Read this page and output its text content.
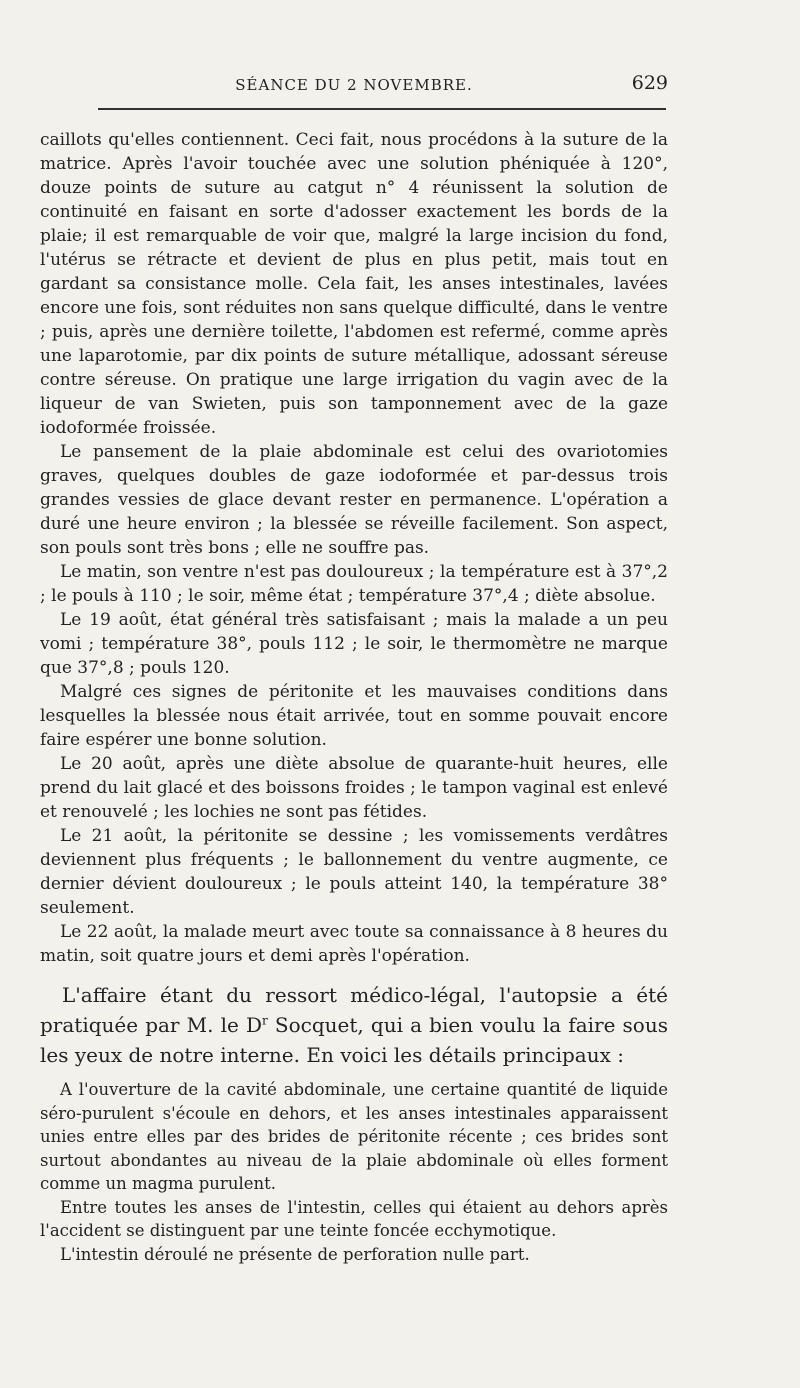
SÉANCE DU 2 NOVEMBRE.	629

caillots qu'elles contiennent. Ceci fait, nous procédons à la suture de la matrice. Après l'avoir touchée avec une solution phéniquée à 120°, douze points de suture au catgut n° 4 réunissent la solution de continuité en faisant en sorte d'adosser exactement les bords de la plaie; il est remarquable de voir que, malgré la large incision du fond, l'utérus se rétracte et devient de plus en plus petit, mais tout en gardant sa consistance molle. Cela fait, les anses intestinales, lavées encore une fois, sont réduites non sans quelque difficulté, dans le ventre ; puis, après une dernière toilette, l'abdomen est refermé, comme après une laparotomie, par dix points de suture métallique, adossant séreuse contre séreuse. On pratique une large irrigation du vagin avec de la liqueur de van Swieten, puis son tamponnement avec de la gaze iodoformée froissée.

Le pansement de la plaie abdominale est celui des ovariotomies graves, quelques doubles de gaze iodoformée et par-dessus trois grandes vessies de glace devant rester en permanence. L'opération a duré une heure environ ; la blessée se réveille facilement. Son aspect, son pouls sont très bons ; elle ne souffre pas.

Le matin, son ventre n'est pas douloureux ; la température est à 37°,2 ; le pouls à 110 ; le soir, même état ; température 37°,4 ; diète absolue.

Le 19 août, état général très satisfaisant ; mais la malade a un peu vomi ; température 38°, pouls 112 ; le soir, le thermomètre ne marque que 37°,8 ; pouls 120.

Malgré ces signes de péritonite et les mauvaises conditions dans lesquelles la blessée nous était arrivée, tout en somme pouvait encore faire espérer une bonne solution.

Le 20 août, après une diète absolue de quarante-huit heures, elle prend du lait glacé et des boissons froides ; le tampon vaginal est enlevé et renouvelé ; les lochies ne sont pas fétides.

Le 21 août, la péritonite se dessine ; les vomissements verdâtres deviennent plus fréquents ; le ballonnement du ventre augmente, ce dernier dévient douloureux ; le pouls atteint 140, la température 38° seulement.

Le 22 août, la malade meurt avec toute sa connaissance à 8 heures du matin, soit quatre jours et demi après l'opération.

L'affaire étant du ressort médico-légal, l'autopsie a été pratiquée par M. le $D^r$ Socquet, qui a bien voulu la faire sous les yeux de notre interne. En voici les détails principaux :

A l'ouverture de la cavité abdominale, une certaine quantité de liquide séro-purulent s'écoule en dehors, et les anses intestinales apparaissent unies entre elles par des brides de péritonite récente ; ces brides sont surtout abondantes au niveau de la plaie abdominale où elles forment comme un magma purulent.

Entre toutes les anses de l'intestin, celles qui étaient au dehors après l'accident se distinguent par une teinte foncée ecchymotique.

L'intestin déroulé ne présente de perforation nulle part.
